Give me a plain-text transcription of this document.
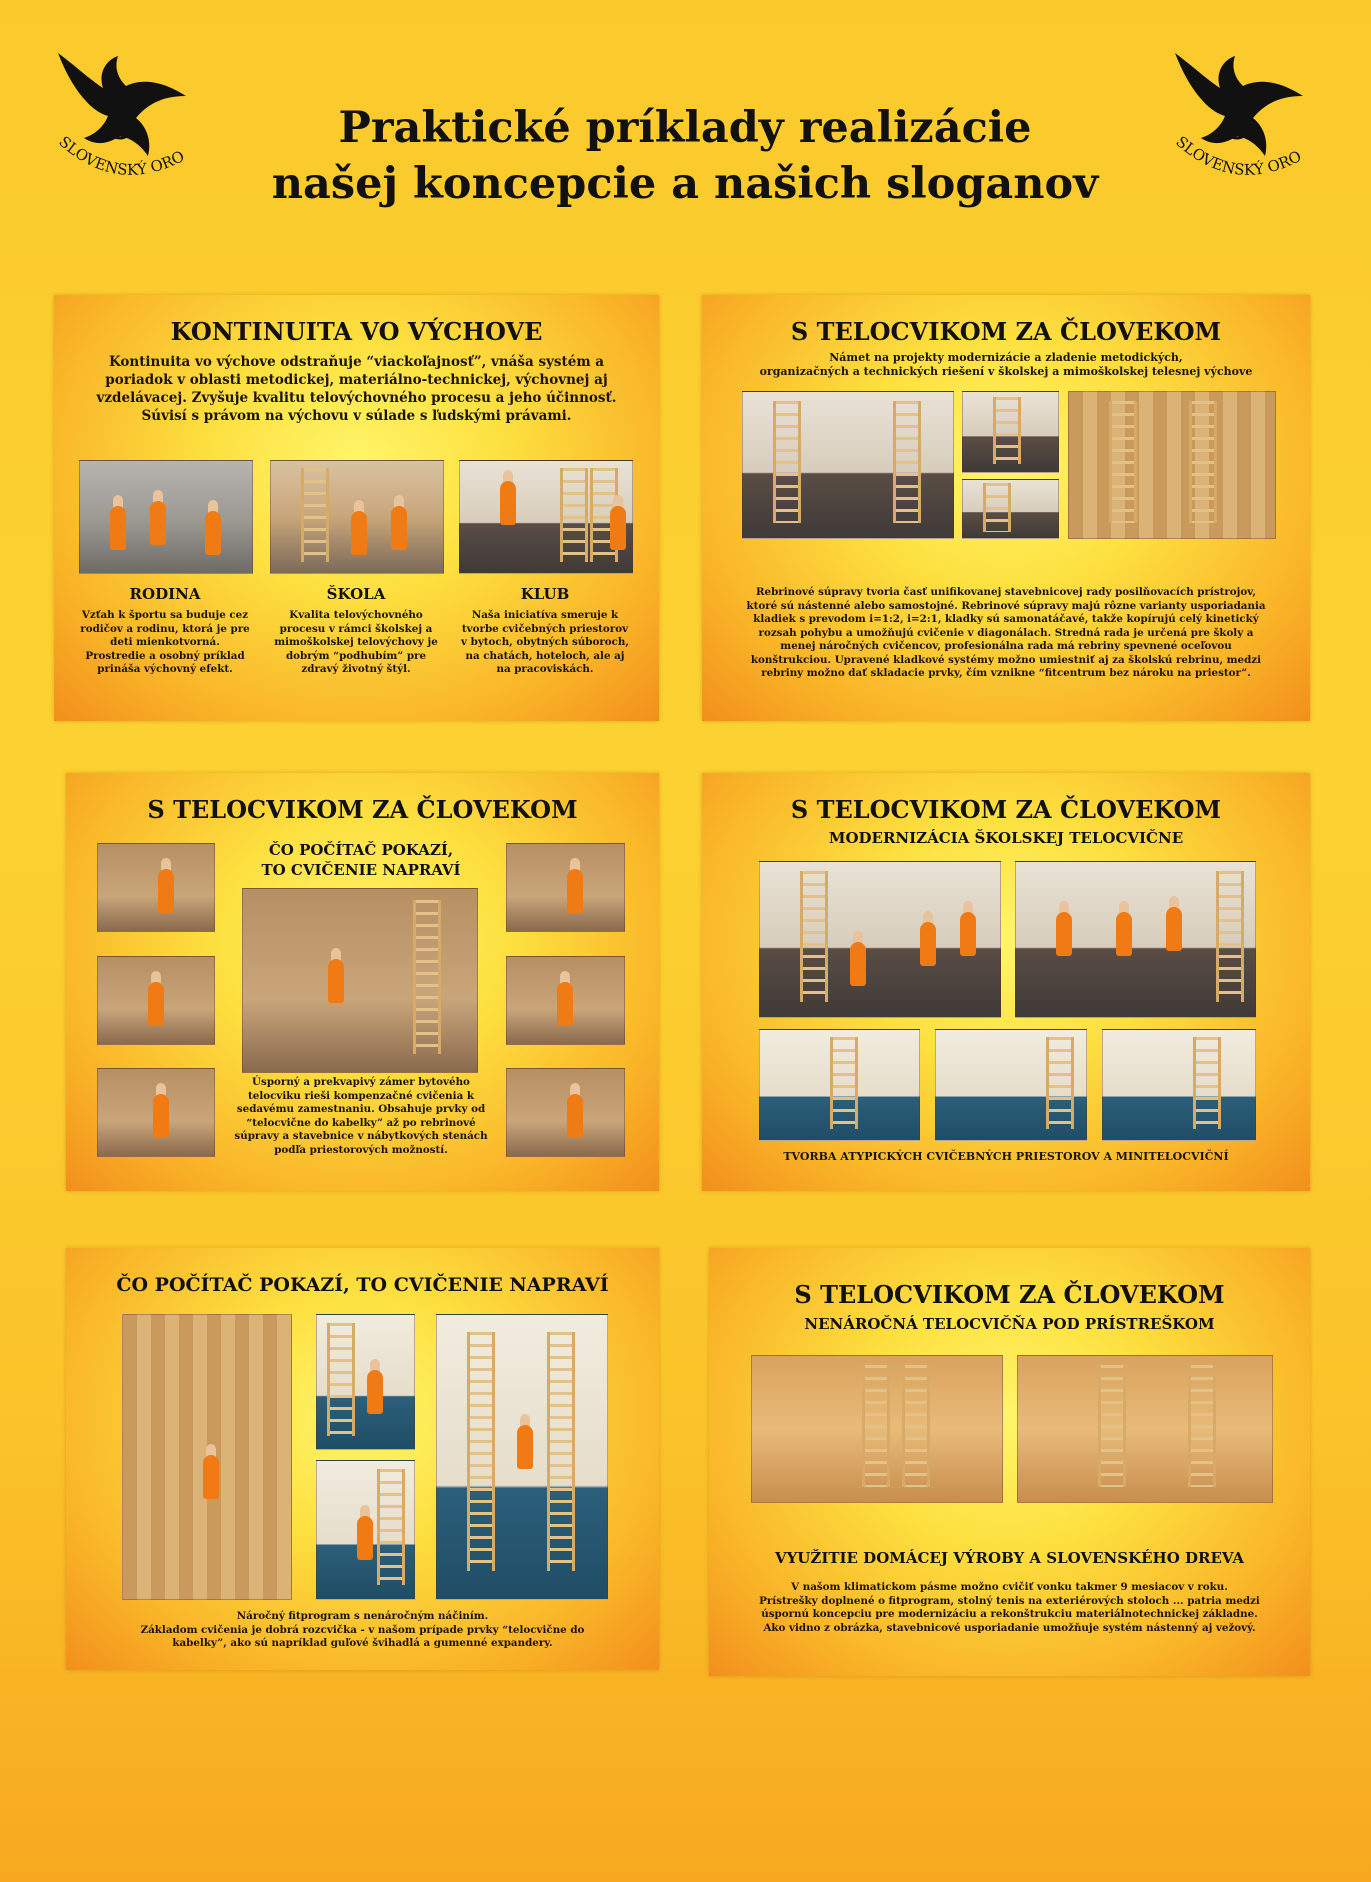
S
SLOVENSKÝ ORO
S
SLOVENSKÝ ORO
Praktické príklady realizácie
našej koncepcie a našich sloganov
KONTINUITA VO VÝCHOVE
Kontinuita vo výchove odstraňuje “viackoľajnosť”, vnáša systém a
poriadok v oblasti metodickej, materiálno-technickej, výchovnej aj
vzdelávacej. Zvyšuje kvalitu telovýchovného procesu a jeho účinnosť.
Súvisí s právom na výchovu v súlade s ľudskými právami.
RODINA	ŠKOLA	KLUB
Vzťah k športu sa buduje cez
rodičov a rodinu, ktorá je pre
deti mienkotvorná.
Prostredie a osobný príklad
prináša výchovný efekt.
Kvalita telovýchovného
procesu v rámci školskej a
mimoškolskej telovýchovy je
dobrým “podhubím” pre
zdravý životný štýl.
Naša iniciatíva smeruje k
tvorbe cvičebných priestorov
v bytoch, obytných súboroch,
na chatách, hoteloch, ale aj
na pracoviskách.
S TELOCVIKOM ZA ČLOVEKOM
Námet na projekty modernizácie a zladenie metodických,
organizačných a technických riešení v školskej a mimoškolskej telesnej výchove
Rebrinové súpravy tvoria časť unifikovanej stavebnicovej rady posilňovacích prístrojov,
ktoré sú nástenné alebo samostojné. Rebrinové súpravy majú rôzne varianty usporiadania
kladiek s prevodom i=1:2, i=2:1, kladky sú samonatáčavé, takže kopírujú celý kinetický
rozsah pohybu a umožňujú cvičenie v diagonálach. Stredná rada je určená pre školy a
menej náročných cvičencov, profesionálna rada má rebriny spevnené oceľovou
konštrukciou. Upravené kladkové systémy možno umiestniť aj za školskú rebrinu, medzi
rebriny možno dať skladacie prvky, čím vznikne “fitcentrum bez nároku na priestor”.
S TELOCVIKOM ZA ČLOVEKOM
ČO POČÍTAČ POKAZÍ,
TO CVIČENIE NAPRAVÍ
Úsporný a prekvapivý zámer bytového
telocviku rieši kompenzačné cvičenia k
sedavému zamestnaniu. Obsahuje prvky od
“telocvične do kabelky” až po rebrinové
súpravy a stavebnice v nábytkových stenách
podľa priestorových možností.
S TELOCVIKOM ZA ČLOVEKOM
MODERNIZÁCIA ŠKOLSKEJ TELOCVIČNE
TVORBA ATYPICKÝCH CVIČEBNÝCH PRIESTOROV A MINITELOCVIČNÍ
ČO POČÍTAČ POKAZÍ, TO CVIČENIE NAPRAVÍ
Náročný fitprogram s nenáročným náčiním.
Základom cvičenia je dobrá rozcvička - v našom prípade prvky “telocvične do
kabelky”, ako sú napríklad guľové švihadlá a gumenné expandery.
S TELOCVIKOM ZA ČLOVEKOM
NENÁROČNÁ TELOCVIČŇA POD PRÍSTREŠKOM
VYUŽITIE DOMÁCEJ VÝROBY A SLOVENSKÉHO DREVA
V našom klimatickom pásme možno cvičiť vonku takmer 9 mesiacov v roku.
Prístrešky doplnené o fitprogram, stolný tenis na exteriérových stoloch ... patria medzi
úspornú koncepciu pre modernizáciu a rekonštrukciu materiálnotechnickej základne.
Ako vidno z obrázka, stavebnicové usporiadanie umožňuje systém nástenný aj vežový.
